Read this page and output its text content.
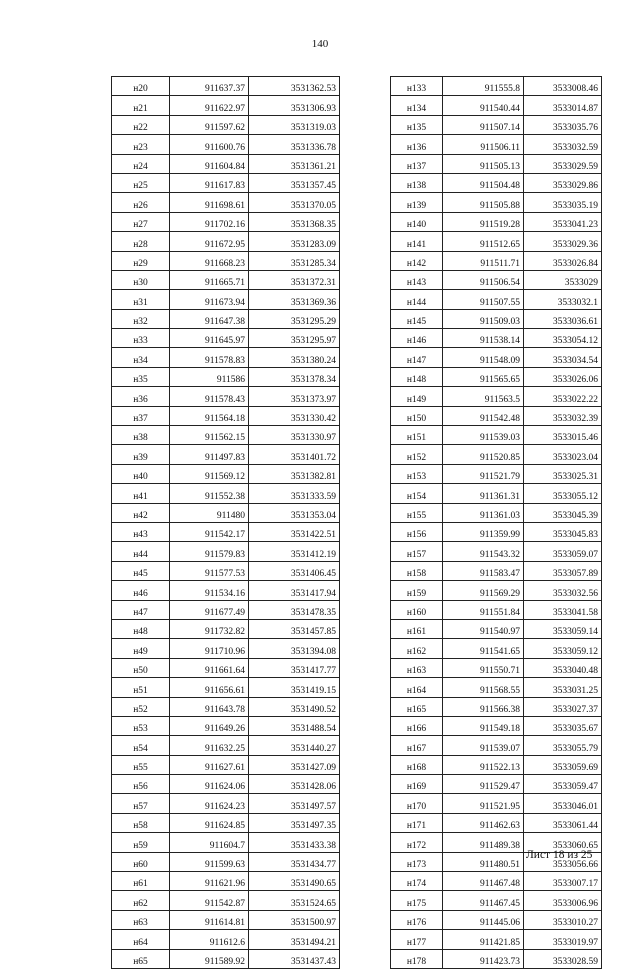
140
н20	911637.37	3531362.53
н21	911622.97	3531306.93
н22	911597.62	3531319.03
н23	911600.76	3531336.78
н24	911604.84	3531361.21
н25	911617.83	3531357.45
н26	911698.61	3531370.05
н27	911702.16	3531368.35
н28	911672.95	3531283.09
н29	911668.23	3531285.34
н30	911665.71	3531372.31
н31	911673.94	3531369.36
н32	911647.38	3531295.29
н33	911645.97	3531295.97
н34	911578.83	3531380.24
н35	911586	3531378.34
н36	911578.43	3531373.97
н37	911564.18	3531330.42
н38	911562.15	3531330.97
н39	911497.83	3531401.72
н40	911569.12	3531382.81
н41	911552.38	3531333.59
н42	911480	3531353.04
н43	911542.17	3531422.51
н44	911579.83	3531412.19
н45	911577.53	3531406.45
н46	911534.16	3531417.94
н47	911677.49	3531478.35
н48	911732.82	3531457.85
н49	911710.96	3531394.08
н50	911661.64	3531417.77
н51	911656.61	3531419.15
н52	911643.78	3531490.52
н53	911649.26	3531488.54
н54	911632.25	3531440.27
н55	911627.61	3531427.09
н56	911624.06	3531428.06
н57	911624.23	3531497.57
н58	911624.85	3531497.35
н59	911604.7	3531433.38
н60	911599.63	3531434.77
н61	911621.96	3531490.65
н62	911542.87	3531524.65
н63	911614.81	3531500.97
н64	911612.6	3531494.21
н65	911589.92	3531437.43
н133	911555.8	3533008.46
н134	911540.44	3533014.87
н135	911507.14	3533035.76
н136	911506.11	3533032.59
н137	911505.13	3533029.59
н138	911504.48	3533029.86
н139	911505.88	3533035.19
н140	911519.28	3533041.23
н141	911512.65	3533029.36
н142	911511.71	3533026.84
н143	911506.54	3533029
н144	911507.55	3533032.1
н145	911509.03	3533036.61
н146	911538.14	3533054.12
н147	911548.09	3533034.54
н148	911565.65	3533026.06
н149	911563.5	3533022.22
н150	911542.48	3533032.39
н151	911539.03	3533015.46
н152	911520.85	3533023.04
н153	911521.79	3533025.31
н154	911361.31	3533055.12
н155	911361.03	3533045.39
н156	911359.99	3533045.83
н157	911543.32	3533059.07
н158	911583.47	3533057.89
н159	911569.29	3533032.56
н160	911551.84	3533041.58
н161	911540.97	3533059.14
н162	911541.65	3533059.12
н163	911550.71	3533040.48
н164	911568.55	3533031.25
н165	911566.38	3533027.37
н166	911549.18	3533035.67
н167	911539.07	3533055.79
н168	911522.13	3533059.69
н169	911529.47	3533059.47
н170	911521.95	3533046.01
н171	911462.63	3533061.44
н172	911489.38	3533060.65
н173	911480.51	3533056.66
н174	911467.48	3533007.17
н175	911467.45	3533006.96
н176	911445.06	3533010.27
н177	911421.85	3533019.97
н178	911423.73	3533028.59
Лист 18 из 25
